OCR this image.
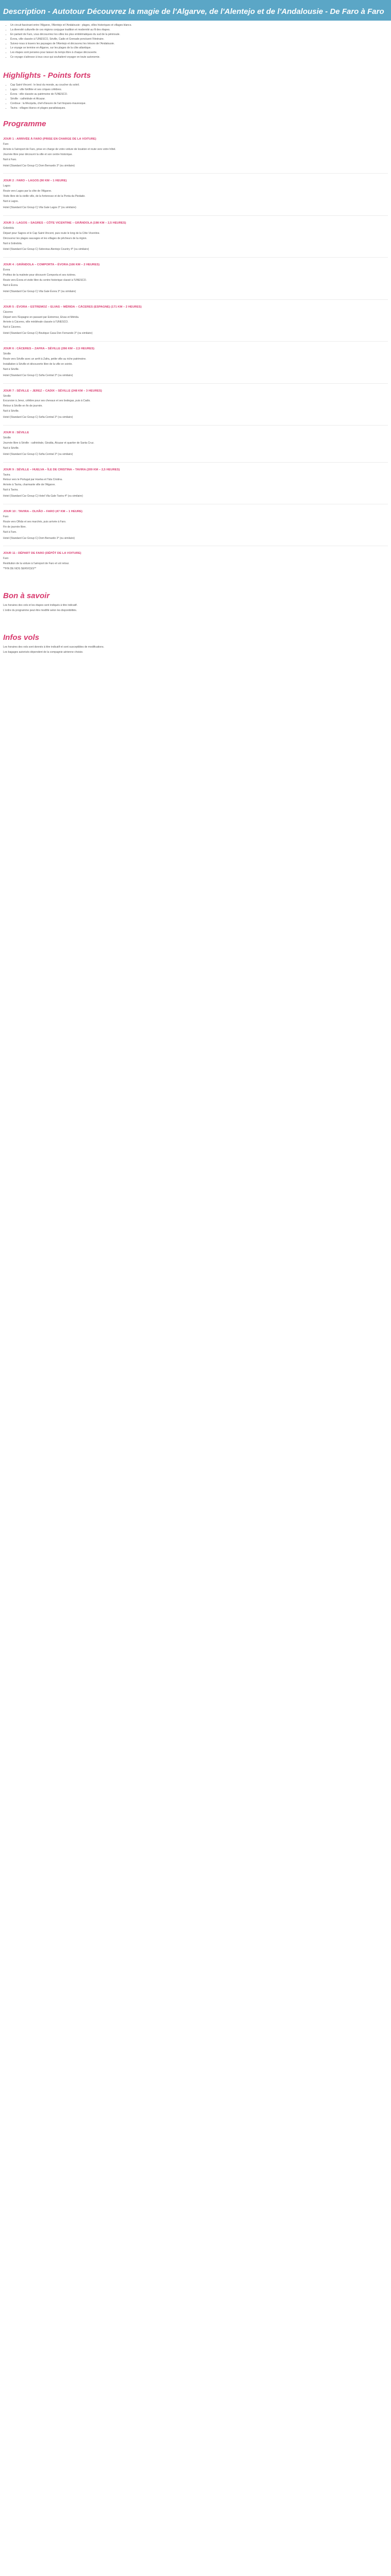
Description - Autotour Découvrez la magie de l'Algarve, de l'Alentejo et de l'Andalousie - De Faro à Faro
• Un circuit fascinant entre l'Algarve, l'Alentejo et l'Andalousie : plages, villes historiques et villages blancs.
• La diversité culturelle de ces régions conjugue tradition et modernité au fil des étapes.
• En partant de Faro, vous découvrirez les villes les plus emblématiques du sud de la péninsule.
• Évora, ville classée à l'UNESCO, Séville, Cadix et Grenade ponctuent l'itinéraire.
• Suivez-nous à travers les paysages de l'Alentejo et découvrez les trésors de l'Andalousie.
• Le voyage se termine en Algarve, sur les plages de la côte atlantique.
• Les étapes sont pensées pour laisser du temps libre à chaque découverte.
• Ce voyage s'adresse à tous ceux qui souhaitent voyager en toute autonomie.
Highlights - Points forts
• Cap Saint-Vincent : le bout du monde, au coucher du soleil.
• Lagos : ville fortifiée et ses criques célèbres.
• Évora : ville classée au patrimoine de l'UNESCO.
• Séville : cathédrale et Alcazar.
• Cordoue : la Mezquita, chef-d'œuvre de l'art hispano-mauresque.
• Tavira : villages blancs et plages paradisiaques.
Programme
JOUR 1 : ARRIVÉE À FARO (PRISE EN CHARGE DE LA VOITURE)
Faro

Arrivée à l'aéroport de Faro, prise en charge de votre voiture de location et route vers votre hôtel.

Journée libre pour découvrir la ville et son centre historique.

Nuit à Faro.

Hotel (Standard Car Group C) Dom Bernardo 3* (ou similaire)
JOUR 2 : FARO – LAGOS (90 KM – 1 HEURE)
Lagos

Route vers Lagos par la côte de l'Algarve.

Visite libre de la vieille ville, de la forteresse et de la Ponta da Piedade.

Nuit à Lagos.

Hotel (Standard Car Group C) Vila Gale Lagos 3* (ou similaire)
JOUR 3 : LAGOS – SAGRES – CÔTE VICENTINE – GRÂNDOLA (198 KM – 2,5 HEURES)
Grândola

Départ pour Sagres et le Cap Saint-Vincent, puis route le long de la Côte Vicentine.

Découvrez les plages sauvages et les villages de pêcheurs de la région.

Nuit à Grândola.

Hotel (Standard Car Group C) Sobreiras Alentejo Country 4* (ou similaire)
JOUR 4 : GRÂNDOLA – COMPORTA – ÉVORA (166 KM – 2 HEURES)
Évora

Profitez de la matinée pour découvrir Comporta et ses rizières.

Route vers Évora et visite libre du centre historique classé à l'UNESCO.

Nuit à Évora.

Hotel (Standard Car Group C) Vila Gale Évora 3* (ou similaire)
JOUR 5 : ÉVORA – ESTREMOZ – ELVAS – MÉRIDA – CÁCERES (ESPAGNE) (171 KM – 2 HEURES)
Cáceres

Départ vers l'Espagne en passant par Estremoz, Elvas et Mérida.

Arrivée à Cáceres, ville médiévale classée à l'UNESCO.

Nuit à Cáceres.

Hotel (Standard Car Group C) Boutique Casa Don Fernando 3* (ou similaire)
JOUR 6 : CÁCERES – ZAFRA – SÉVILLE (266 KM – 2,5 HEURES)
Séville

Route vers Séville avec un arrêt à Zafra, petite ville au riche patrimoine.

Installation à Séville et découverte libre de la ville en soirée.

Nuit à Séville.

Hotel (Standard Car Group C) Sofia Central 3* (ou similaire)
JOUR 7 : SÉVILLE – JEREZ – CADIX – SÉVILLE (248 KM – 3 HEURES)
Séville

Excursion à Jerez, célèbre pour ses chevaux et ses bodegas, puis à Cadix.

Retour à Séville en fin de journée.

Nuit à Séville.

Hotel (Standard Car Group C) Sofia Central 3* (ou similaire)
JOUR 8 : SÉVILLE
Séville

Journée libre à Séville : cathédrale, Giralda, Alcazar et quartier de Santa Cruz.

Nuit à Séville.

Hotel (Standard Car Group C) Sofia Central 3* (ou similaire)
JOUR 9 : SÉVILLE – HUELVA – ÎLE DE CRISTINA – TAVIRA (209 KM – 2,5 HEURES)
Tavira

Retour vers le Portugal par Huelva et l'Isla Cristina.

Arrivée à Tavira, charmante ville de l'Algarve.

Nuit à Tavira.

Hotel (Standard Car Group C) Hotel Vila Gale Tavira 4* (ou similaire)
JOUR 10 : TAVIRA – OLHÃO – FARO (47 KM – 1 HEURE)
Faro

Route vers Olhão et ses marchés, puis arrivée à Faro.

Fin de journée libre.

Nuit à Faro.

Hotel (Standard Car Group C) Dom Bernardo 3* (ou similaire)
JOUR 11 : DÉPART DE FARO (DÉPÔT DE LA VOITURE)
Faro

Restitution de la voiture à l'aéroport de Faro et vol retour.

**FIN DE NOS SERVICES**

Bon à savoir

Les horaires des vols et les étapes sont indiqués à titre indicatif.

L'ordre du programme peut être modifié selon les disponibilités.

Infos vols

Les horaires des vols sont donnés à titre indicatif et sont susceptibles de modifications.

Les bagages autorisés dépendent de la compagnie aérienne choisie.
